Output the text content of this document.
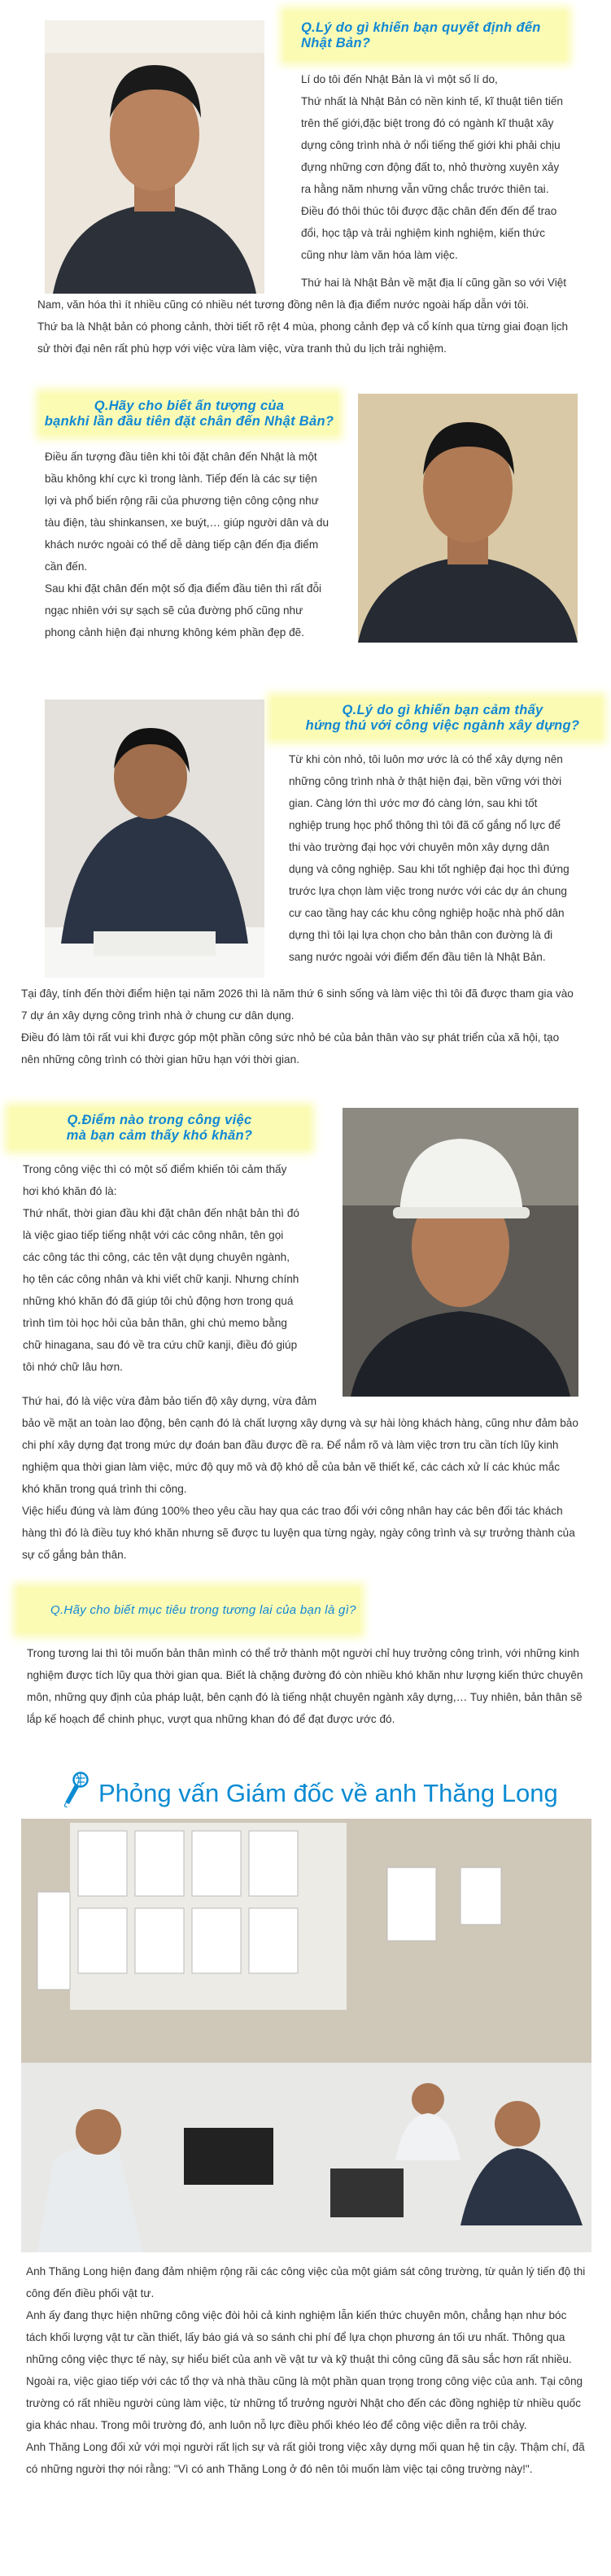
Q.Lý do gì khiến bạn quyết định đến Nhật Bản?

Lí do tôi đến Nhật Bản là vì một số lí do,

Thứ nhất là Nhật Bản có nền kinh tế, kĩ thuật tiên tiến trên thế giới,đặc biệt trong đó có ngành kĩ thuật xây dựng công trình nhà ở nổi tiếng thế giới khi phải chịu đựng những cơn động đất to, nhỏ thường xuyên xảy ra hằng năm nhưng vẫn vững chắc trước thiên tai.

Điều đó thôi thúc tôi được đặc chân đến đến để trao đổi, học tập và trải nghiệm kinh nghiệm, kiến thức cũng như làm văn hóa làm việc.

Thứ hai là Nhật Bản về mặt địa lí cũng gần so với Việt Nam, văn hóa thì ít nhiều cũng có nhiều nét tương đồng nên là địa điểm nước ngoài hấp dẫn với tôi.

Thứ ba là Nhật bản có phong cảnh, thời tiết rõ rệt 4 mùa, phong cảnh đẹp và cổ kính qua từng giai đoạn lịch sử thời đại nên rất phù hợp với việc vừa làm việc, vừa tranh thủ du lịch trải nghiệm.

Q.Hãy cho biết ấn tượng của
bạnkhi lần đầu tiên đặt chân đến Nhật Bản?

Điều ấn tượng đầu tiên khi tôi đặt chân đến Nhật là một bầu không khí cực kì trong lành. Tiếp đến là các sự tiện lợi và phổ biến rộng rãi của phương tiện công cộng như tàu điện, tàu shinkansen, xe buýt,… giúp người dân và du khách nước ngoài có thể dễ dàng tiếp cận đến địa điểm cần đến.

Sau khi đặt chân đến một số địa điểm đầu tiên thì rất đỗi ngạc nhiên với sự sạch sẽ của đường phố cũng như phong cảnh hiện đại nhưng không kém phần đẹp đẽ.

Q.Lý do gì khiến bạn cảm thấy
hứng thú với công việc ngành xây dựng?

Từ khi còn nhỏ, tôi luôn mơ ước là có thể xây dựng nên những công trình nhà ở thật hiện đại, bền vững với thời gian. Càng lớn thì ước mơ đó càng lớn, sau khi tốt nghiệp trung học phổ thông thì tôi đã cố gắng nổ lực để thi vào trường đại học với chuyên môn xây dựng dân dụng và công nghiệp. Sau khi tốt nghiệp đại học thì đứng trước lựa chọn làm việc trong nước với các dự án chung cư cao tầng hay các khu công nghiệp hoặc nhà phố dân dựng thì tôi lại lựa chọn cho bản thân con đường là đi sang nước ngoài với điểm đến đầu tiên là Nhật Bản.

Tại đây, tính đến thời điểm hiện tại năm 2026 thì là năm thứ 6 sinh sống và làm việc thì tôi đã được tham gia vào 7 dự án xây dựng công trình nhà ở chung cư dân dụng.

Điều đó làm tôi rất vui khi được góp một phần công sức nhỏ bé của bản thân vào sự phát triển của xã hội, tạo nên những công trình có thời gian hữu hạn với thời gian.

Q.Điểm nào trong công việc
mà bạn cảm thấy khó khăn?

Trong công việc thì có một số điểm khiến tôi cảm thấy hơi khó khăn đó là:

Thứ nhất, thời gian đầu khi đặt chân đến nhật bản thì đó là việc giao tiếp tiếng nhật với các công nhân, tên gọi các công tác thi công, các tên vật dụng chuyên ngành, họ tên các công nhân và khi viết chữ kanji. Nhưng chính những khó khăn đó đã giúp tôi chủ động hơn trong quá trình tìm tòi học hỏi của bản thân, ghi chú memo bằng chữ hinagana, sau đó về tra cứu chữ kanji, điều đó giúp tôi nhớ chữ lâu hơn.

Thứ hai, đó là việc vừa đảm bảo tiến độ xây dựng, vừa đảm bảo về mặt an toàn lao động, bên cạnh đó là chất lượng xây dựng và sự hài lòng khách hàng, cũng như đảm bảo chi phí xây dựng đạt trong mức dự đoán ban đầu được đề ra. Để nắm rõ và làm việc trơn tru cần tích lũy kinh nghiệm qua thời gian làm việc, mức độ quy mô và độ khó dễ của bản vẽ thiết kế, các cách xử lí các khúc mắc khó khăn trong quá trình thi công.

Việc hiểu đúng và làm đúng 100% theo yêu cầu hay qua các trao đổi với công nhân hay các bên đối tác khách hàng thì đó là điều tuy khó khăn nhưng sẽ được tu luyện qua từng ngày, ngày công trình và sự trưởng thành của sự cố gắng bản thân.

Q.Hãy cho biết mục tiêu trong tương lai của bạn là gì?

Trong tương lai thì tôi muốn bản thân mình có thể trở thành một người chỉ huy trưởng công trình, với những kinh nghiệm được tích lũy qua thời gian qua. Biết là chặng đường đó còn nhiều khó khăn như lượng kiến thức chuyên môn, những quy định của pháp luật, bên cạnh đó là tiếng nhật chuyên ngành xây dựng,… Tuy nhiên, bản thân sẽ lắp kế hoạch để chinh phục, vượt qua những khan đó để đạt được ước đó.

Phỏng vấn Giám đốc về anh Thăng Long

Anh Thăng Long hiện đang đảm nhiệm rộng rãi các công việc của một giám sát công trường, từ quản lý tiến độ thi công đến điều phối vật tư.

Anh ấy đang thực hiện những công việc đòi hỏi cả kinh nghiệm lẫn kiến thức chuyên môn, chẳng hạn như bóc tách khối lượng vật tư cần thiết, lấy báo giá và so sánh chi phí để lựa chọn phương án tối ưu nhất. Thông qua những công việc thực tế này, sự hiểu biết của anh về vật tư và kỹ thuật thi công cũng đã sâu sắc hơn rất nhiều.

Ngoài ra, việc giao tiếp với các tổ thợ và nhà thầu cũng là một phần quan trọng trong công việc của anh. Tại công trường có rất nhiều người cùng làm việc, từ những tổ trưởng người Nhật cho đến các đồng nghiệp từ nhiều quốc gia khác nhau. Trong môi trường đó, anh luôn nỗ lực điều phối khéo léo để công việc diễn ra trôi chảy.

Anh Thăng Long đối xử với mọi người rất lịch sự và rất giỏi trong việc xây dựng mối quan hệ tin cậy. Thậm chí, đã có những người thợ nói rằng: "Vì có anh Thăng Long ở đó nên tôi muốn làm việc tại công trường này!".
